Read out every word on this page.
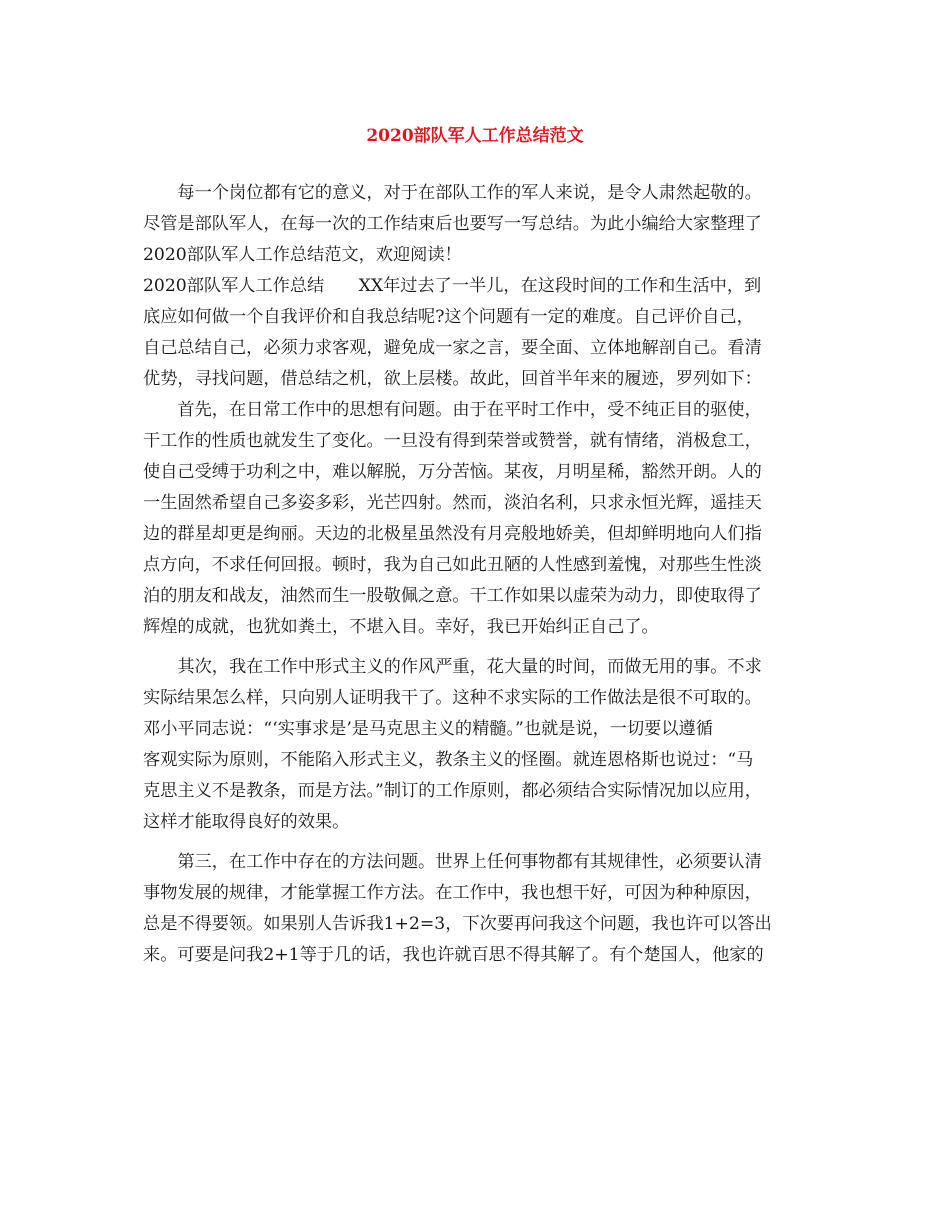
2020部队军人工作总结范文
　　每一个岗位都有它的意义，对于在部队工作的军人来说，是令人肃然起敬的。
尽管是部队军人，在每一次的工作结束后也要写一写总结。为此小编给大家整理了
2020部队军人工作总结范文，欢迎阅读！
2020部队军人工作总结　　XX年过去了一半儿，在这段时间的工作和生活中，到
底应如何做一个自我评价和自我总结呢?这个问题有一定的难度。自己评价自己，
自己总结自己，必须力求客观，避免成一家之言，要全面、立体地解剖自己。看清
优势，寻找问题，借总结之机，欲上层楼。故此，回首半年来的履迹，罗列如下：
　　首先，在日常工作中的思想有问题。由于在平时工作中，受不纯正目的驱使，
干工作的性质也就发生了变化。一旦没有得到荣誉或赞誉，就有情绪，消极怠工，
使自己受缚于功利之中，难以解脱，万分苦恼。某夜，月明星稀，豁然开朗。人的
一生固然希望自己多姿多彩，光芒四射。然而，淡泊名利，只求永恒光辉，遥挂天
边的群星却更是绚丽。天边的北极星虽然没有月亮般地娇美，但却鲜明地向人们指
点方向，不求任何回报。顿时，我为自己如此丑陋的人性感到羞愧，对那些生性淡
泊的朋友和战友，油然而生一股敬佩之意。干工作如果以虚荣为动力，即使取得了
辉煌的成就，也犹如粪土，不堪入目。幸好，我已开始纠正自己了。
　　其次，我在工作中形式主义的作风严重，花大量的时间，而做无用的事。不求
实际结果怎么样，只向别人证明我干了。这种不求实际的工作做法是很不可取的。
邓小平同志说：“‘实事求是’是马克思主义的精髓。”也就是说，一切要以遵循
客观实际为原则，不能陷入形式主义，教条主义的怪圈。就连恩格斯也说过：“马
克思主义不是教条，而是方法。”制订的工作原则，都必须结合实际情况加以应用，
这样才能取得良好的效果。
　　第三，在工作中存在的方法问题。世界上任何事物都有其规律性，必须要认清
事物发展的规律，才能掌握工作方法。在工作中，我也想干好，可因为种种原因，
总是不得要领。如果别人告诉我1+2=3，下次要再问我这个问题，我也许可以答出
来。可要是问我2+1等于几的话，我也许就百思不得其解了。有个楚国人，他家的
